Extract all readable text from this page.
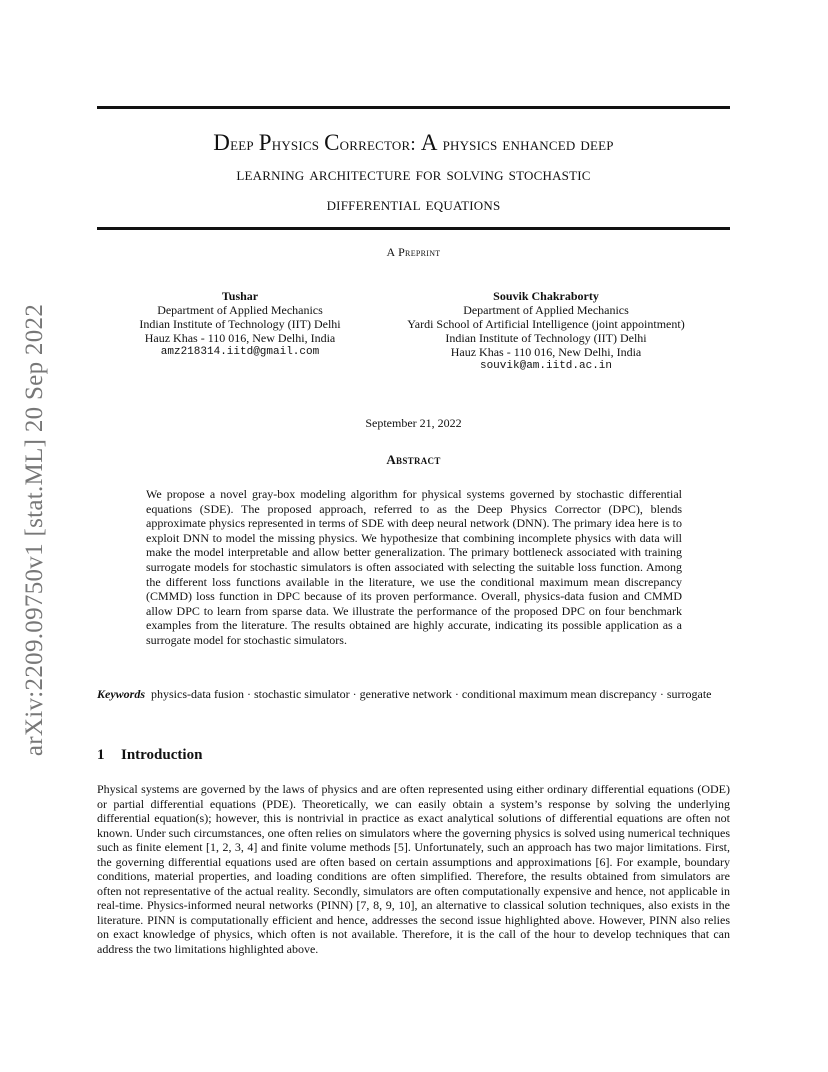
arXiv:2209.09750v1 [stat.ML] 20 Sep 2022
Deep Physics Corrector: A physics enhanced deep
learning architecture for solving stochastic
differential equations
A Preprint
Tushar
Department of Applied Mechanics
Indian Institute of Technology (IIT) Delhi
Hauz Khas - 110 016, New Delhi, India
amz218314.iitd@gmail.com
Souvik Chakraborty
Department of Applied Mechanics
Yardi School of Artificial Intelligence (joint appointment)
Indian Institute of Technology (IIT) Delhi
Hauz Khas - 110 016, New Delhi, India
souvik@am.iitd.ac.in
September 21, 2022
Abstract
We propose a novel gray-box modeling algorithm for physical systems governed by stochastic differential equations (SDE). The proposed approach, referred to as the Deep Physics Corrector (DPC), blends approximate physics represented in terms of SDE with deep neural network (DNN). The primary idea here is to exploit DNN to model the missing physics. We hypothesize that combining incomplete physics with data will make the model interpretable and allow better generalization. The primary bottleneck associated with training surrogate models for stochastic simulators is often associated with selecting the suitable loss function. Among the different loss functions available in the literature, we use the conditional maximum mean discrepancy (CMMD) loss function in DPC because of its proven performance. Overall, physics-data fusion and CMMD allow DPC to learn from sparse data. We illustrate the performance of the proposed DPC on four benchmark examples from the literature. The results obtained are highly accurate, indicating its possible application as a surrogate model for stochastic simulators.
Keywords physics-data fusion · stochastic simulator · generative network · conditional maximum mean discrepancy · surrogate
1 Introduction
Physical systems are governed by the laws of physics and are often represented using either ordinary differential equations (ODE) or partial differential equations (PDE). Theoretically, we can easily obtain a system’s response by solving the underlying differential equation(s); however, this is nontrivial in practice as exact analytical solutions of differential equations are often not known. Under such circumstances, one often relies on simulators where the governing physics is solved using numerical techniques such as finite element [1, 2, 3, 4] and finite volume methods [5]. Unfortunately, such an approach has two major limitations. First, the governing differential equations used are often based on certain assumptions and approximations [6]. For example, boundary conditions, material properties, and loading conditions are often simplified. Therefore, the results obtained from simulators are often not representative of the actual reality. Secondly, simulators are often computationally expensive and hence, not applicable in real-time. Physics-informed neural networks (PINN) [7, 8, 9, 10], an alternative to classical solution techniques, also exists in the literature. PINN is computationally efficient and hence, addresses the second issue highlighted above. However, PINN also relies on exact knowledge of physics, which often is not available. Therefore, it is the call of the hour to develop techniques that can address the two limitations highlighted above.
